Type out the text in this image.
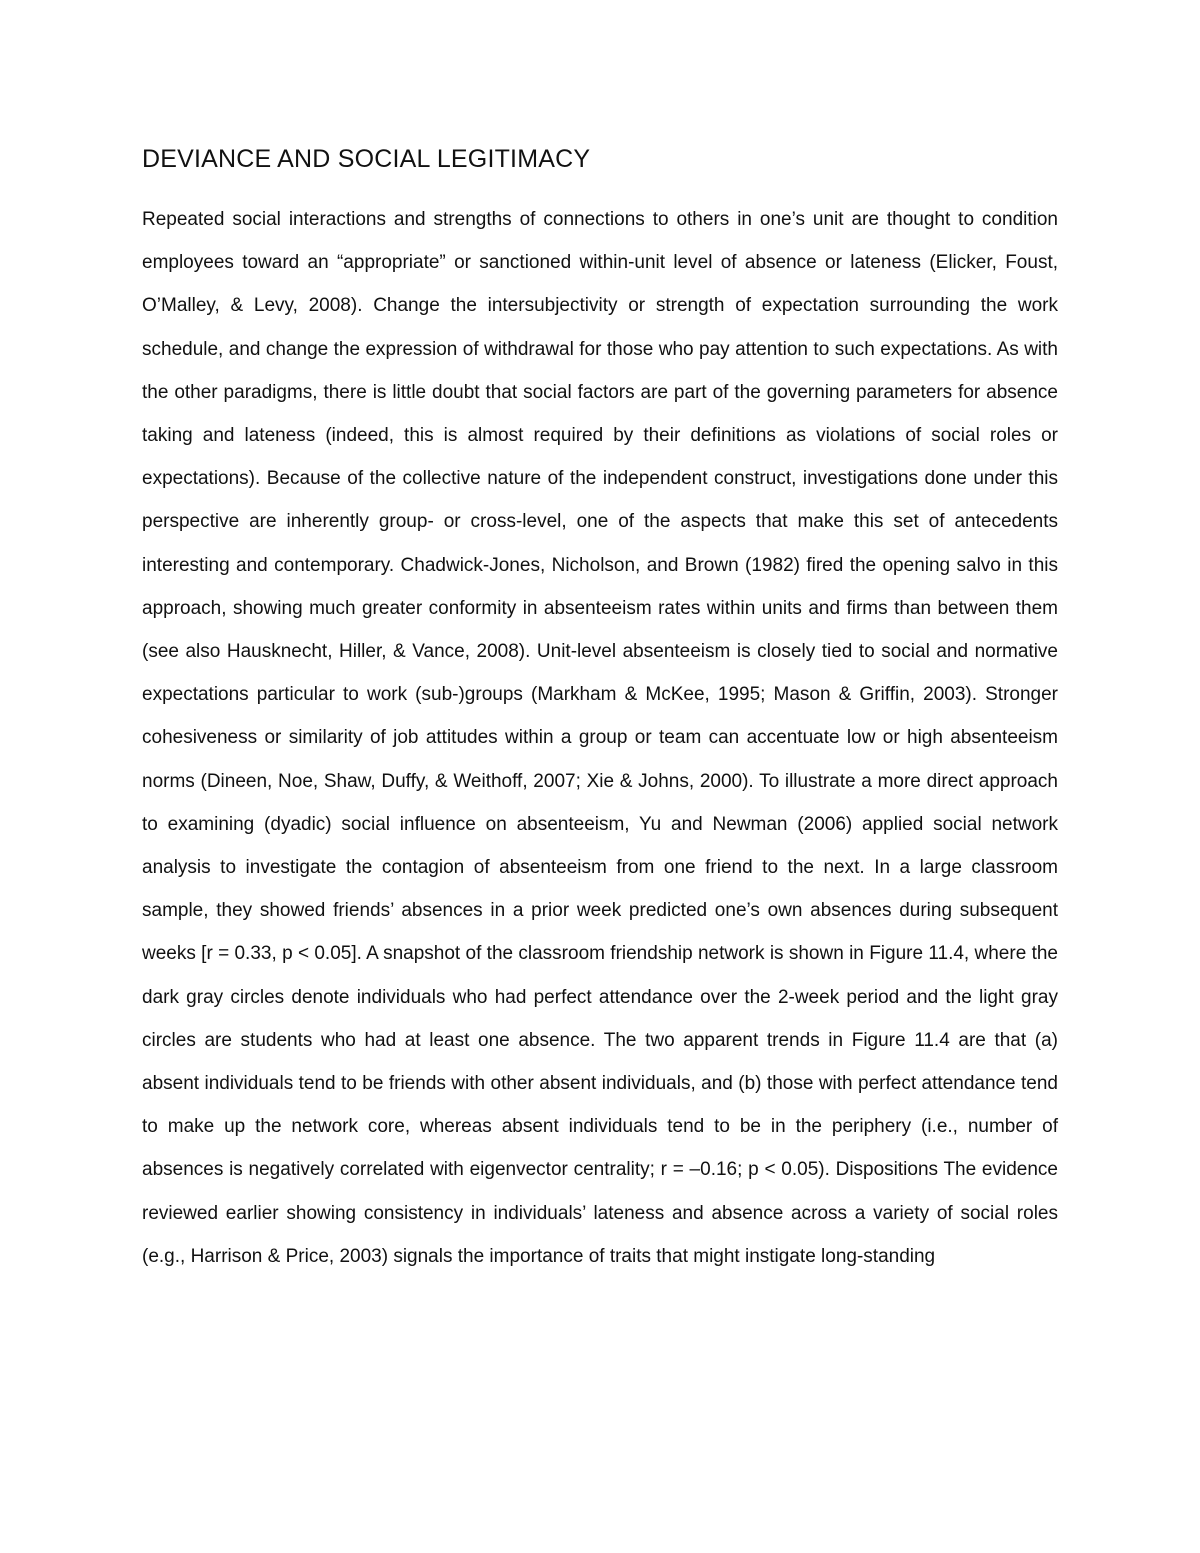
DEVIANCE AND SOCIAL LEGITIMACY

Repeated social interactions and strengths of connections to others in one’s unit are thought to condition employees toward an “appropriate” or sanctioned within-unit level of absence or lateness (Elicker, Foust, O’Malley, & Levy, 2008). Change the intersubjectivity or strength of expectation surrounding the work schedule, and change the expression of withdrawal for those who pay attention to such expectations. As with the other paradigms, there is little doubt that social factors are part of the governing parameters for absence taking and lateness (indeed, this is almost required by their definitions as violations of social roles or expectations). Because of the collective nature of the independent construct, investigations done under this perspective are inherently group- or cross-level, one of the aspects that make this set of antecedents interesting and contemporary. Chadwick-Jones, Nicholson, and Brown (1982) fired the opening salvo in this approach, showing much greater conformity in absenteeism rates within units and firms than between them (see also Hausknecht, Hiller, & Vance, 2008). Unit-level absenteeism is closely tied to social and normative expectations particular to work (sub-)groups (Markham & McKee, 1995; Mason & Griffin, 2003). Stronger cohesiveness or similarity of job attitudes within a group or team can accentuate low or high absenteeism norms (Dineen, Noe, Shaw, Duffy, & Weithoff, 2007; Xie & Johns, 2000). To illustrate a more direct approach to examining (dyadic) social influence on absenteeism, Yu and Newman (2006) applied social network analysis to investigate the contagion of absenteeism from one friend to the next. In a large classroom sample, they showed friends’ absences in a prior week predicted one’s own absences during subsequent weeks [r = 0.33, p < 0.05]. A snapshot of the classroom friendship network is shown in Figure 11.4, where the dark gray circles denote individuals who had perfect attendance over the 2-week period and the light gray circles are students who had at least one absence. The two apparent trends in Figure 11.4 are that (a) absent individuals tend to be friends with other absent individuals, and (b) those with perfect attendance tend to make up the network core, whereas absent individuals tend to be in the periphery (i.e., number of absences is negatively correlated with eigenvector centrality; r = –0.16; p < 0.05). Dispositions The evidence reviewed earlier showing consistency in individuals’ lateness and absence across a variety of social roles (e.g., Harrison & Price, 2003) signals the importance of traits that might instigate long-standing
